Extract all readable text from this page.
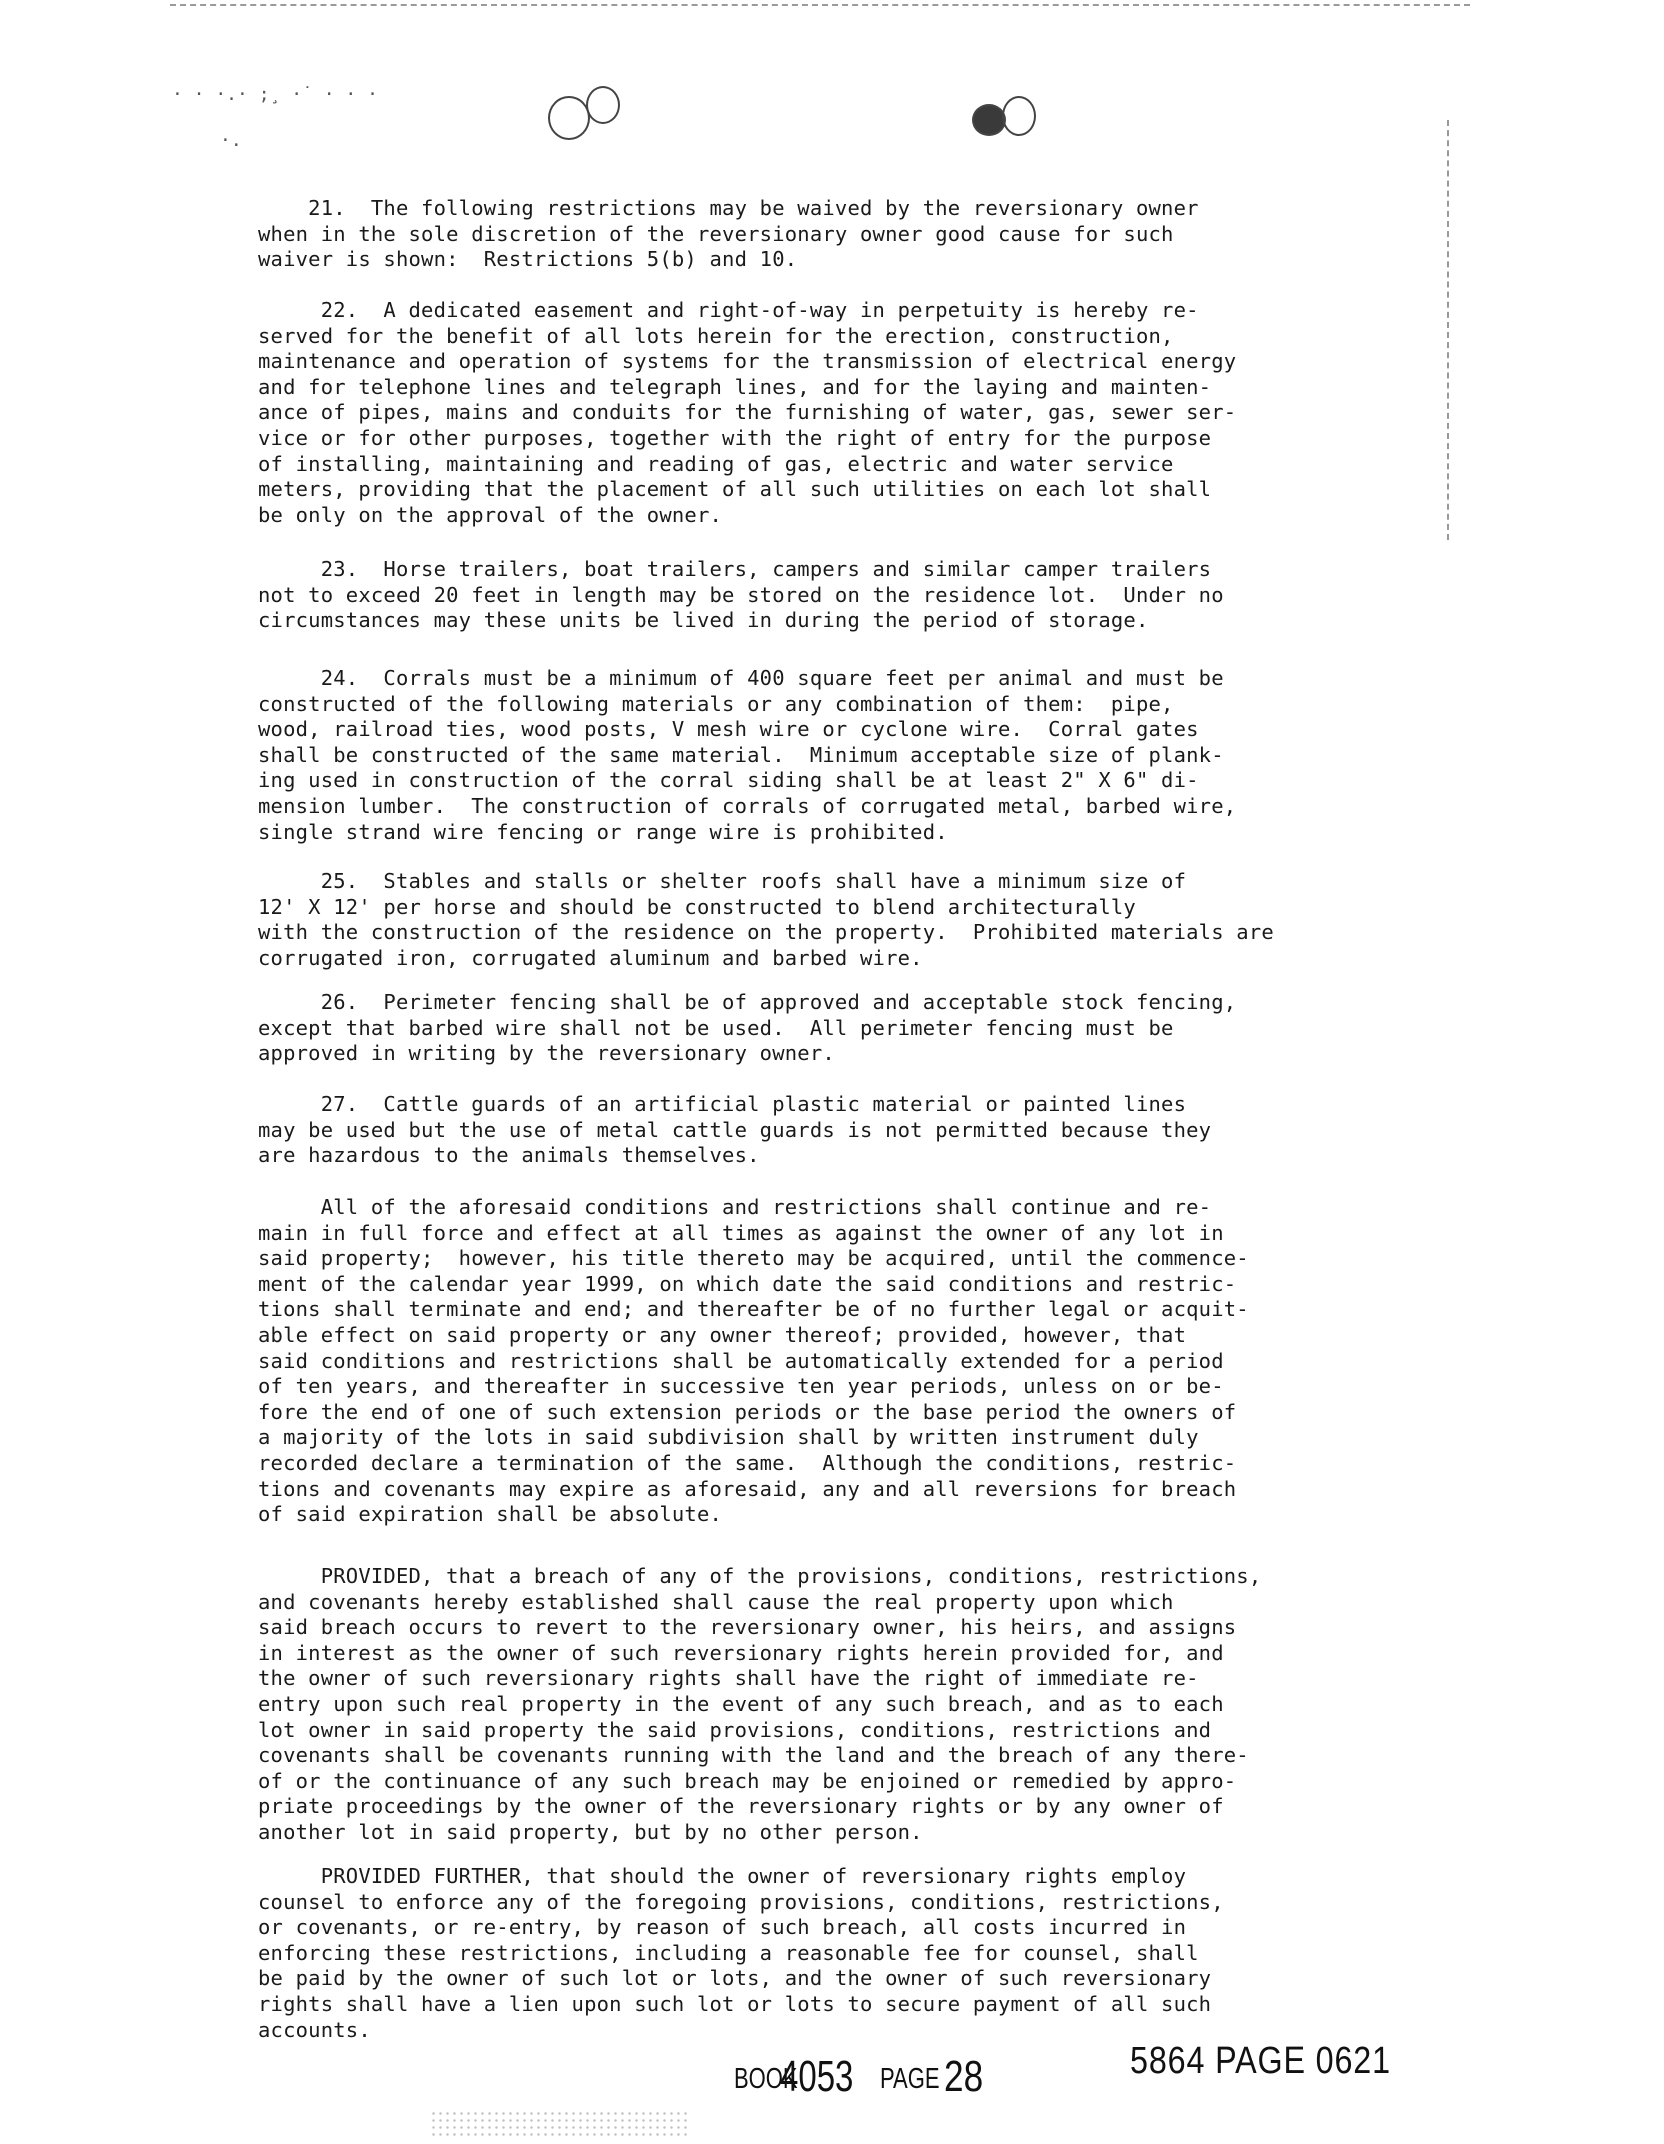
· · ·.· ;¸ ·˙ · · ·
·.
21.  The following restrictions may be waived by the reversionary owner
when in the sole discretion of the reversionary owner good cause for such
waiver is shown:  Restrictions 5(b) and 10.
22.  A dedicated easement and right-of-way in perpetuity is hereby re-
served for the benefit of all lots herein for the erection, construction,
maintenance and operation of systems for the transmission of electrical energy
and for telephone lines and telegraph lines, and for the laying and mainten-
ance of pipes, mains and conduits for the furnishing of water, gas, sewer ser-
vice or for other purposes, together with the right of entry for the purpose
of installing, maintaining and reading of gas, electric and water service
meters, providing that the placement of all such utilities on each lot shall
be only on the approval of the owner.
23.  Horse trailers, boat trailers, campers and similar camper trailers
not to exceed 20 feet in length may be stored on the residence lot.  Under no
circumstances may these units be lived in during the period of storage.
24.  Corrals must be a minimum of 400 square feet per animal and must be
constructed of the following materials or any combination of them:  pipe,
wood, railroad ties, wood posts, V mesh wire or cyclone wire.  Corral gates
shall be constructed of the same material.  Minimum acceptable size of plank-
ing used in construction of the corral siding shall be at least 2" X 6" di-
mension lumber.  The construction of corrals of corrugated metal, barbed wire,
single strand wire fencing or range wire is prohibited.
25.  Stables and stalls or shelter roofs shall have a minimum size of
12' X 12' per horse and should be constructed to blend architecturally
with the construction of the residence on the property.  Prohibited materials are
corrugated iron, corrugated aluminum and barbed wire.
26.  Perimeter fencing shall be of approved and acceptable stock fencing,
except that barbed wire shall not be used.  All perimeter fencing must be
approved in writing by the reversionary owner.
27.  Cattle guards of an artificial plastic material or painted lines
may be used but the use of metal cattle guards is not permitted because they
are hazardous to the animals themselves.
All of the aforesaid conditions and restrictions shall continue and re-
main in full force and effect at all times as against the owner of any lot in
said property;  however, his title thereto may be acquired, until the commence-
ment of the calendar year 1999, on which date the said conditions and restric-
tions shall terminate and end; and thereafter be of no further legal or acquit-
able effect on said property or any owner thereof; provided, however, that
said conditions and restrictions shall be automatically extended for a period
of ten years, and thereafter in successive ten year periods, unless on or be-
fore the end of one of such extension periods or the base period the owners of
a majority of the lots in said subdivision shall by written instrument duly
recorded declare a termination of the same.  Although the conditions, restric-
tions and covenants may expire as aforesaid, any and all reversions for breach
of said expiration shall be absolute.
PROVIDED, that a breach of any of the provisions, conditions, restrictions,
and covenants hereby established shall cause the real property upon which
said breach occurs to revert to the reversionary owner, his heirs, and assigns
in interest as the owner of such reversionary rights herein provided for, and
the owner of such reversionary rights shall have the right of immediate re-
entry upon such real property in the event of any such breach, and as to each
lot owner in said property the said provisions, conditions, restrictions and
covenants shall be covenants running with the land and the breach of any there-
of or the continuance of any such breach may be enjoined or remedied by appro-
priate proceedings by the owner of the reversionary rights or by any owner of
another lot in said property, but by no other person.
PROVIDED FURTHER, that should the owner of reversionary rights employ
counsel to enforce any of the foregoing provisions, conditions, restrictions,
or covenants, or re-entry, by reason of such breach, all costs incurred in
enforcing these restrictions, including a reasonable fee for counsel, shall
be paid by the owner of such lot or lots, and the owner of such reversionary
rights shall have a lien upon such lot or lots to secure payment of all such
accounts.
BOOK
4053 PAGE 28	5864 PAGE 0621
